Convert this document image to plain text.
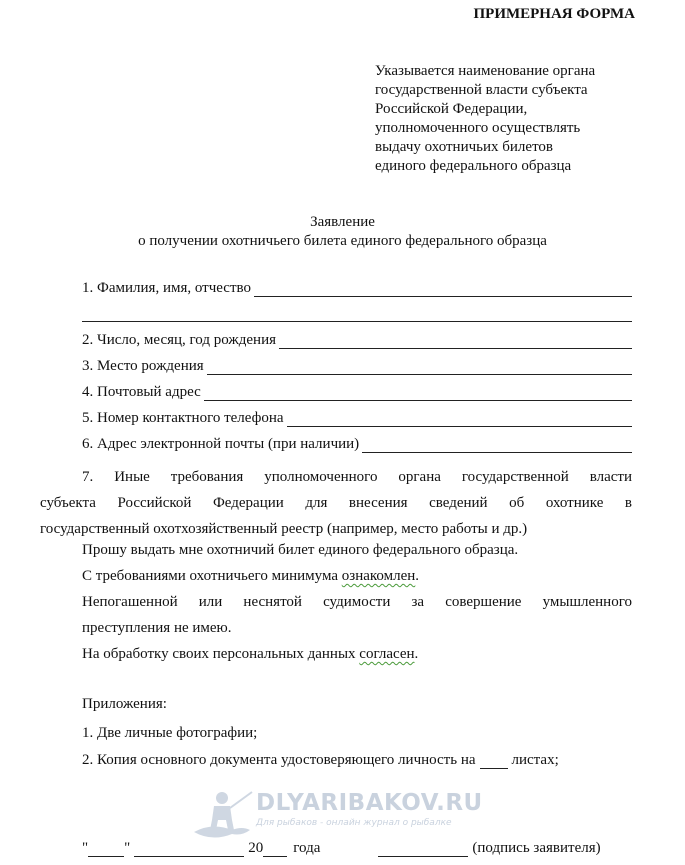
ПРИМЕРНАЯ ФОРМА
Указывается наименование органа
государственной власти субъекта
Российской Федерации,
уполномоченного осуществлять
выдачу охотничьих билетов
единого федерального образца
Заявление
о получении охотничьего билета единого федерального образца
1. Фамилия, имя, отчество
2. Число, месяц, год рождения
3. Место рождения
4. Почтовый адрес
5. Номер контактного телефона
6. Адрес электронной почты (при наличии)
7. Иные требования уполномоченного органа государственной власти
субъекта Российской Федерации для внесения сведений об охотнике в
государственный охотхозяйственный реестр (например, место работы и др.)
Прошу выдать мне охотничий билет единого федерального образца.
С требованиями охотничьего минимума ознакомлен.
Непогашенной или неснятой судимости за совершение умышленного
преступления не имею.
На обработку своих персональных данных согласен.
Приложения:
1. Две личные фотографии;
2. Копия основного документа удостоверяющего личность на листах;
DLYARIBAKOV.RU
Для рыбаков - онлайн журнал о рыбалке
" "	20 года	(подпись заявителя)
